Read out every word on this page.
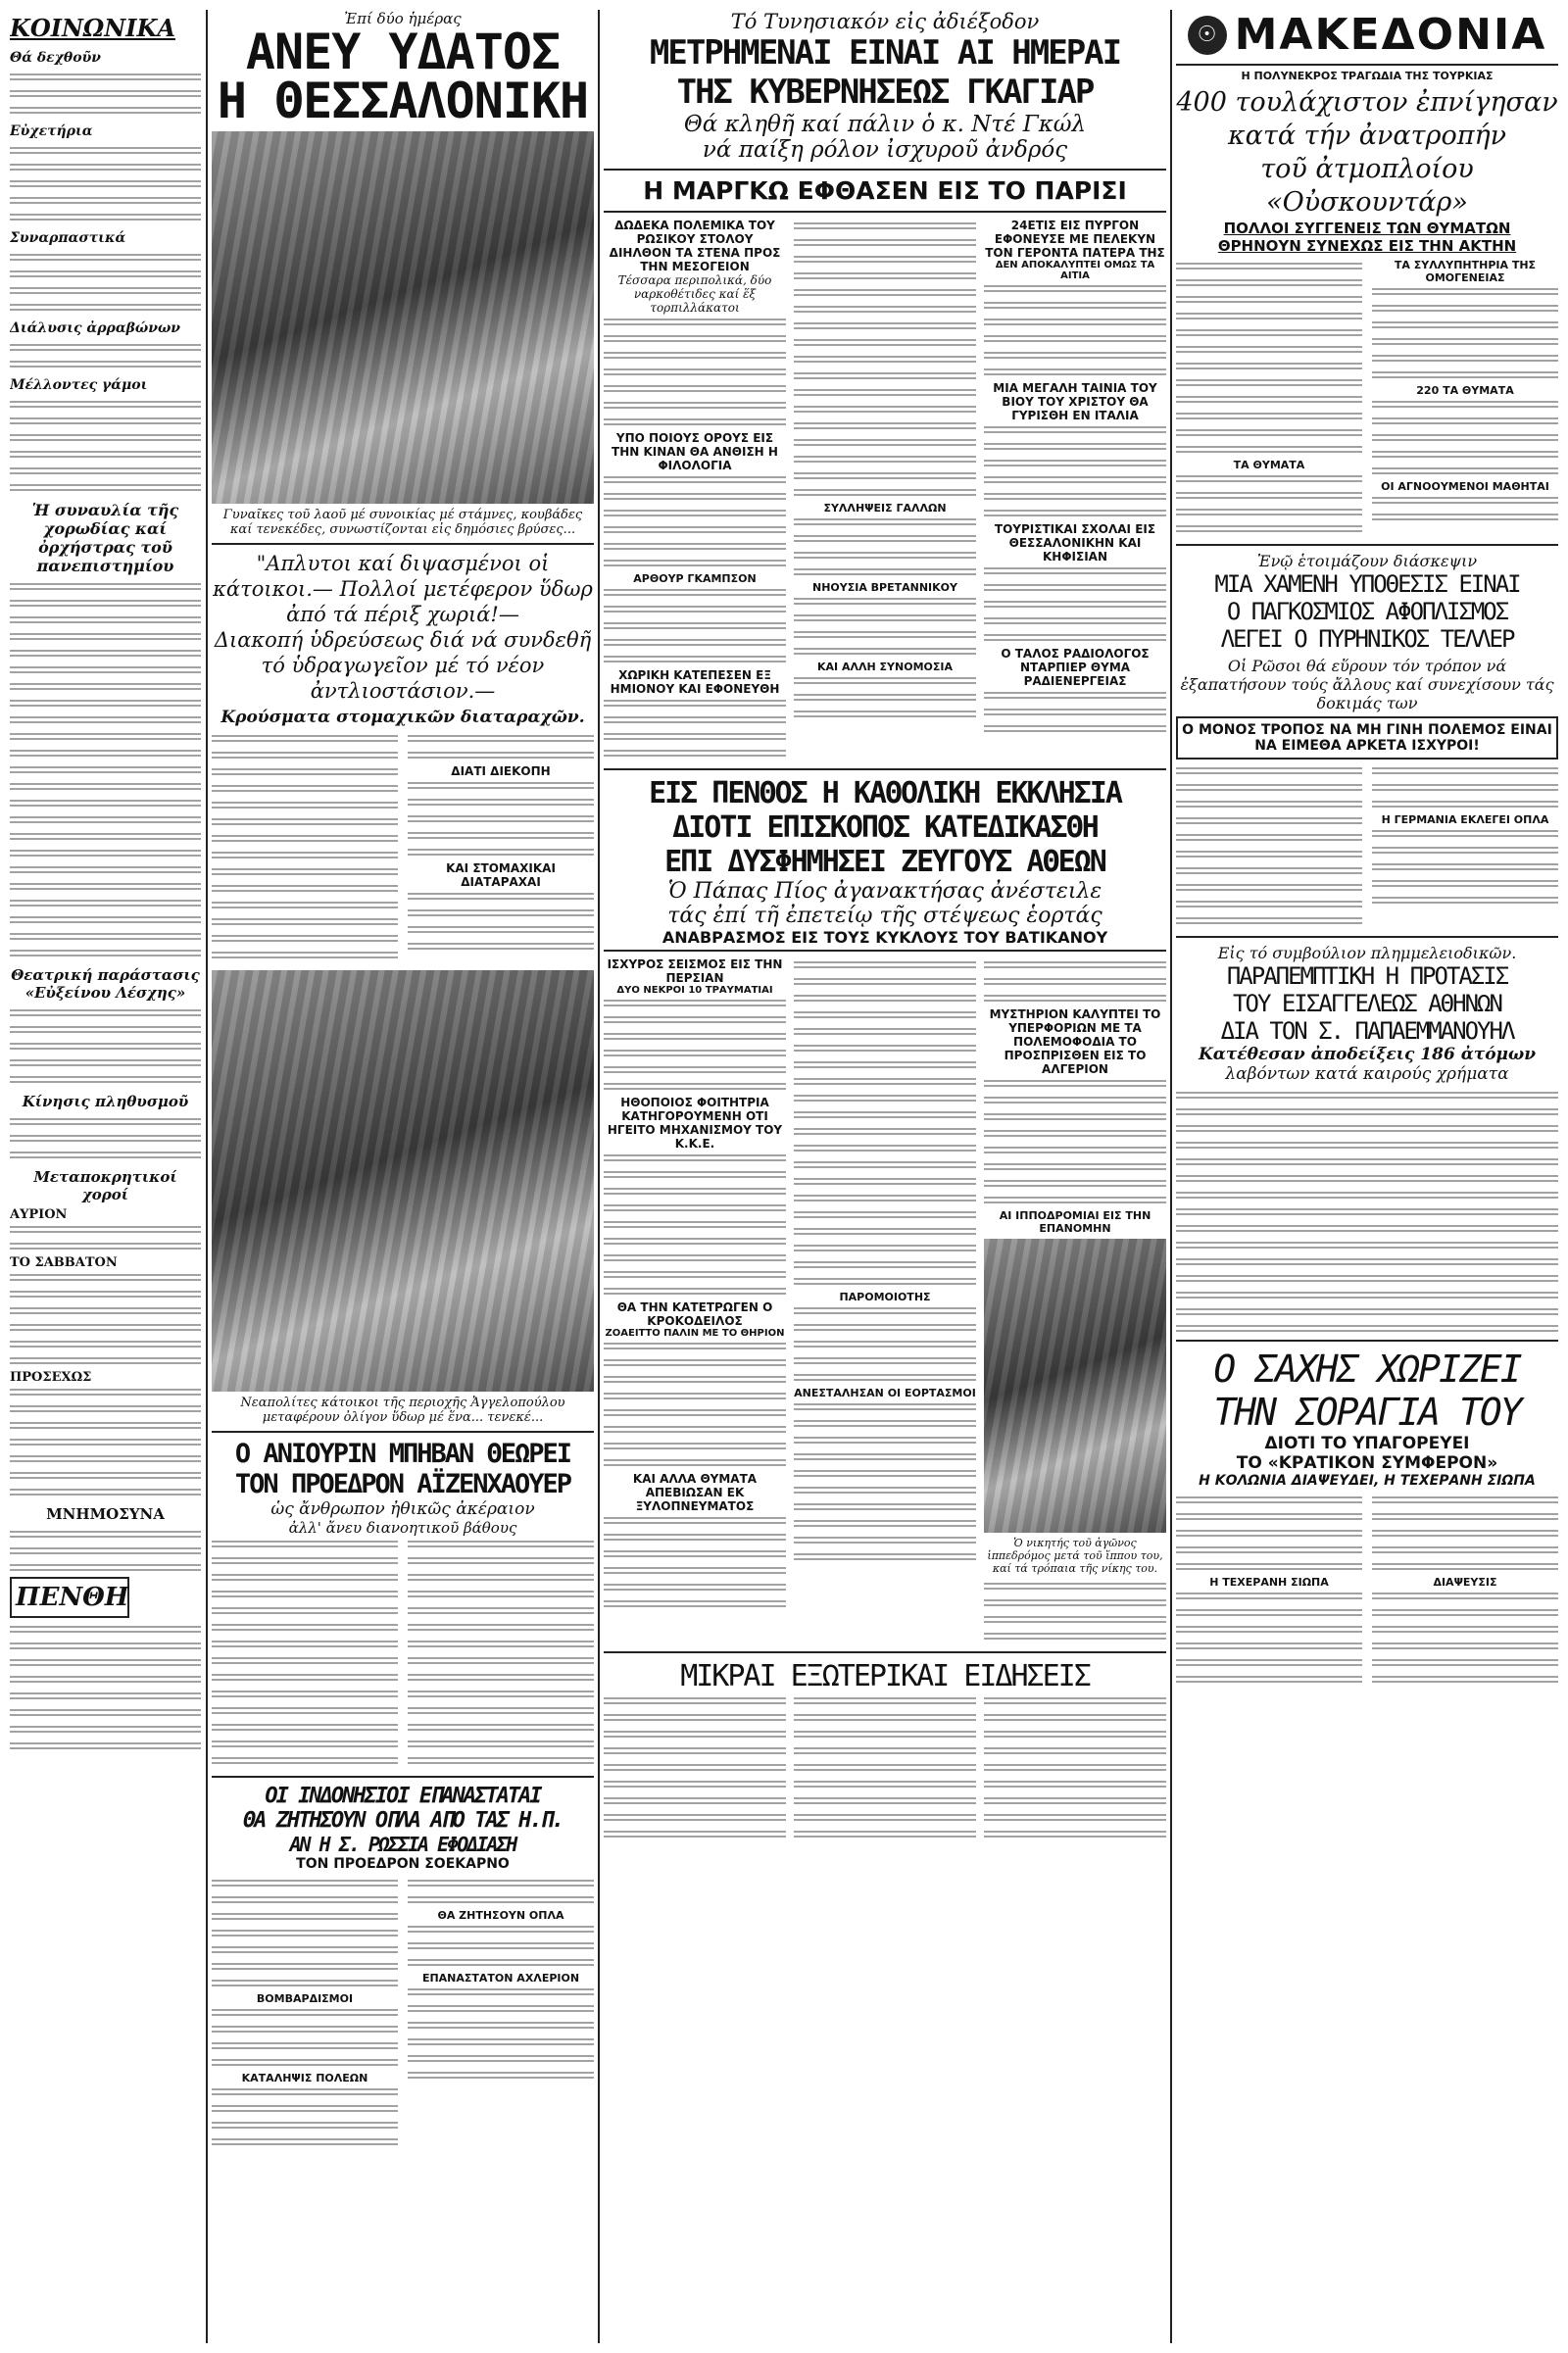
ΚΟΙΝΩΝΙΚΑ
Θά δεχθοῦν
Εὐχετήρια
Συναρπαστικά
Διάλυσις ἀρραβώνων
Μέλλοντες γάμοι
Ἡ συναυλία τῆς χορωδίας καί ὀρχήστρας τοῦ πανεπιστημίου
Θεατρική παράστασις «Εὐξείνου Λέσχης»
Κίνησις πληθυσμοῦ
Μεταποκρητικοί χοροί
ΑΥΡΙΟΝ
ΤΟ ΣΑΒΒΑΤΟΝ
ΠΡΟΣΕΧΩΣ
ΜΝΗΜΟΣΥΝΑ
ΠΕΝΘΗ
Ἐπί δύο ἡμέρας
ΑΝΕΥ ΥΔΑΤΟΣ
Η ΘΕΣΣΑΛΟΝΙΚΗ
Γυναῖκες τοῦ λαοῦ μέ συνοικίας μέ στάμνες, κουβάδες καί τενεκέδες, συνωστίζονται εἰς δημόσιες βρύσες...
"Απλυτοι καί διψασμένοι οἱ κάτοικοι.— Πολλοί μετέφερον ὕδωρ ἀπό τά πέριξ χωριά!—
Διακοπή ὑδρεύσεως διά νά συνδεθῆ τό ὑδραγωγεῖον μέ τό νέον ἀντλιοστάσιον.—
Κρούσματα στομαχικῶν διαταραχῶν.
ΔΙΑΤΙ ΔΙΕΚΟΠΗ
ΚΑΙ ΣΤΟΜΑΧΙΚΑΙ ΔΙΑΤΑΡΑΧΑΙ
Νεαπολίτες κάτοικοι τῆς περιοχῆς Ἀγγελοπούλου μεταφέρουν ὀλίγον ὕδωρ μέ ἕνα... τενεκέ...
Ο ΑΝΙΟΥΡΙΝ ΜΠΗΒΑΝ ΘΕΩΡΕΙ
ΤΟΝ ΠΡΟΕΔΡΟΝ ΑΪΖΕΝΧΑΟΥΕΡ
ὡς ἄνθρωπον ἠθικῶς ἀκέραιον
ἀλλ' ἄνευ διανοητικοῦ βάθους
ΟΙ ΙΝΔΟΝΗΣΙΟΙ ΕΠΑΝΑΣΤΑΤΑΙ
ΘΑ ΖΗΤΗΣΟΥΝ ΟΠΛΑ ΑΠΟ ΤΑΣ Η.Π.
ΑΝ Η Σ. ΡΩΣΣΙΑ ΕΦΟΔΙΑΣΗ
ΤΟΝ ΠΡΟΕΔΡΟΝ ΣΟΕΚΑΡΝΟ
ΒΟΜΒΑΡΔΙΣΜΟΙ
ΚΑΤΑΛΗΨΙΣ ΠΟΛΕΩΝ
ΘΑ ΖΗΤΗΣΟΥΝ ΟΠΛΑ
ΕΠΑΝΑΣΤΑΤΟΝ ΑΧΛΕΡΙΟΝ
Τό Τυνησιακόν εἰς ἀδιέξοδον
ΜΕΤΡΗΜΕΝΑΙ ΕΙΝΑΙ ΑΙ ΗΜΕΡΑΙ
ΤΗΣ ΚΥΒΕΡΝΗΣΕΩΣ ΓΚΑΓΙΑΡ
Θά κληθῆ καί πάλιν ὁ κ. Ντέ Γκώλ
νά παίξη ρόλον ἰσχυροῦ ἀνδρός
Η ΜΑΡΓΚΩ ΕΦΘΑΣΕΝ ΕΙΣ ΤΟ ΠΑΡΙΣΙ
ΔΩΔΕΚΑ ΠΟΛΕΜΙΚΑ ΤΟΥ ΡΩΣΙΚΟΥ ΣΤΟΛΟΥ ΔΙΗΛΘΟΝ ΤΑ ΣΤΕΝΑ ΠΡΟΣ ΤΗΝ ΜΕΣΟΓΕΙΟΝ
Τέσσαρα περιπολικά, δύο ναρκοθέτιδες καί ἕξ τορπιλλάκατοι
ΥΠΟ ΠΟΙΟΥΣ ΟΡΟΥΣ ΕΙΣ ΤΗΝ ΚΙΝΑΝ ΘΑ ΑΝΘΙΣΗ Η ΦΙΛΟΛΟΓΙΑ
ΑΡΘΟΥΡ ΓΚΑΜΠΣΟΝ
ΧΩΡΙΚΗ ΚΑΤΕΠΕΣΕΝ ΕΞ ΗΜΙΟΝΟΥ ΚΑΙ ΕΦΟΝΕΥΘΗ
ΣΥΛΛΗΨΕΙΣ ΓΑΛΛΩΝ
ΝΗΟΥΣΙΑ ΒΡΕΤΑΝΝΙΚΟΥ
ΚΑΙ ΑΛΛΗ ΣΥΝΟΜΟΣΙΑ
24ΕΤΙΣ ΕΙΣ ΠΥΡΓΟΝ ΕΦΟΝΕΥΣΕ ΜΕ ΠΕΛΕΚΥΝ ΤΟΝ ΓΕΡΟΝΤΑ ΠΑΤΕΡΑ ΤΗΣ
ΔΕΝ ΑΠΟΚΑΛΥΠΤΕΙ ΟΜΩΣ ΤΑ ΑΙΤΙΑ
ΜΙΑ ΜΕΓΑΛΗ ΤΑΙΝΙΑ ΤΟΥ ΒΙΟΥ ΤΟΥ ΧΡΙΣΤΟΥ ΘΑ ΓΥΡΙΣΘΗ ΕΝ ΙΤΑΛΙΑ
ΤΟΥΡΙΣΤΙΚΑΙ ΣΧΟΛΑΙ ΕΙΣ ΘΕΣΣΑΛΟΝΙΚΗΝ ΚΑΙ ΚΗΦΙΣΙΑΝ
Ο ΤΑΛΟΣ ΡΑΔΙΟΛΟΓΟΣ ΝΤΑΡΠΙΕΡ ΘΥΜΑ ΡΑΔΙΕΝΕΡΓΕΙΑΣ
ΕΙΣ ΠΕΝΘΟΣ Η ΚΑΘΟΛΙΚΗ ΕΚΚΛΗΣΙΑ
ΔΙΟΤΙ ΕΠΙΣΚΟΠΟΣ ΚΑΤΕΔΙΚΑΣΘΗ
ΕΠΙ ΔΥΣΦΗΜΗΣΕΙ ΖΕΥΓΟΥΣ ΑΘΕΩΝ
Ὁ Πάπας Πίος ἀγανακτήσας ἀνέστειλε
τάς ἐπί τῆ ἐπετείῳ τῆς στέψεως ἑορτάς
ΑΝΑΒΡΑΣΜΟΣ ΕΙΣ ΤΟΥΣ ΚΥΚΛΟΥΣ ΤΟΥ ΒΑΤΙΚΑΝΟΥ
ΙΣΧΥΡΟΣ ΣΕΙΣΜΟΣ ΕΙΣ ΤΗΝ ΠΕΡΣΙΑΝ
ΔΥΟ ΝΕΚΡΟΙ 10 ΤΡΑΥΜΑΤΙΑΙ
ΗΘΟΠΟΙΟΣ ΦΟΙΤΗΤΡΙΑ ΚΑΤΗΓΟΡΟΥΜΕΝΗ ΟΤΙ ΗΓΕΙΤΟ ΜΗΧΑΝΙΣΜΟΥ ΤΟΥ Κ.Κ.Ε.
ΘΑ ΤΗΝ ΚΑΤΕΤΡΩΓΕΝ Ο ΚΡΟΚΟΔΕΙΛΟΣ
ΖΟΑΕΙΤΤΟ ΠΑΛΙΝ ΜΕ ΤΟ ΘΗΡΙΟΝ
ΚΑΙ ΑΛΛΑ ΘΥΜΑΤΑ ΑΠΕΒΙΩΣΑΝ ΕΚ ΞΥΛΟΠΝΕΥΜΑΤΟΣ
ΠΑΡΟΜΟΙΟΤΗΣ
ΑΝΕΣΤΑΛΗΣΑΝ ΟΙ ΕΟΡΤΑΣΜΟΙ
ΜΥΣΤΗΡΙΟΝ ΚΑΛΥΠΤΕΙ ΤΟ ΥΠΕΡΦΟΡΙΩΝ ΜΕ ΤΑ ΠΟΛΕΜΟΦΟΔΙΑ ΤΟ ΠΡΟΣΠΡΙΣΘΕΝ ΕΙΣ ΤΟ ΑΛΓΕΡΙΟΝ
ΑΙ ΙΠΠΟΔΡΟΜΙΑΙ ΕΙΣ ΤΗΝ ΕΠΑΝΟΜΗΝ
Ὁ νικητής τοῦ ἀγῶνος ἱππεδρόμος μετά τοῦ ἵππου του, καί τά τρόπαια τῆς νίκης του.
ΜΙΚΡΑΙ ΕΞΩΤΕΡΙΚΑΙ ΕΙΔΗΣΕΙΣ
☉ ΜΑΚΕΔΟΝΙΑ
Η ΠΟΛΥΝΕΚΡΟΣ ΤΡΑΓΩΔΙΑ ΤΗΣ ΤΟΥΡΚΙΑΣ
400 τουλάχιστον ἐπνίγησαν
κατά τήν ἀνατροπήν
τοῦ ἀτμοπλοίου «Οὐσκουντάρ»
ΠΟΛΛΟΙ ΣΥΓΓΕΝΕΙΣ ΤΩΝ ΘΥΜΑΤΩΝ
ΘΡΗΝΟΥΝ ΣΥΝΕΧΩΣ ΕΙΣ ΤΗΝ ΑΚΤΗΝ
ΤΑ ΘΥΜΑΤΑ
ΤΑ ΣΥΛΛΥΠΗΤΗΡΙΑ ΤΗΣ ΟΜΟΓΕΝΕΙΑΣ
220 ΤΑ ΘΥΜΑΤΑ
ΟΙ ΑΓΝΟΟΥΜΕΝΟΙ ΜΑΘΗΤΑΙ
Ἐνῷ ἑτοιμάζουν διάσκεψιν
ΜΙΑ ΧΑΜΕΝΗ ΥΠΟΘΕΣΙΣ ΕΙΝΑΙ
Ο ΠΑΓΚΟΣΜΙΟΣ ΑΦΟΠΛΙΣΜΟΣ
ΛΕΓΕΙ Ο ΠΥΡΗΝΙΚΟΣ ΤΕΛΛΕΡ
Οἱ Ρῶσοι θά εὕρουν τόν τρόπον νά ἐξαπατήσουν τούς ἄλλους καί συνεχίσουν τάς δοκιμάς των
Ο ΜΟΝΟΣ ΤΡΟΠΟΣ ΝΑ ΜΗ ΓΙΝΗ ΠΟΛΕΜΟΣ ΕΙΝΑΙ ΝΑ ΕΙΜΕΘΑ ΑΡΚΕΤΑ ΙΣΧΥΡΟΙ!
Η ΓΕΡΜΑΝΙΑ ΕΚΛΕΓΕΙ ΟΠΛΑ
Εἰς τό συμβούλιον πλημμελειοδικῶν.
ΠΑΡΑΠΕΜΠΤΙΚΗ Η ΠΡΟΤΑΣΙΣ
ΤΟΥ ΕΙΣΑΓΓΕΛΕΩΣ ΑΘΗΝΩΝ
ΔΙΑ ΤΟΝ Σ. ΠΑΠΑΕΜΜΑΝΟΥΗΛ
Κατέθεσαν ἀποδείξεις 186 ἀτόμων
λαβόντων κατά καιρούς χρήματα
Ο ΣΑΧΗΣ ΧΩΡΙΖΕΙ
ΤΗΝ ΣΟΡΑΓΙΑ ΤΟΥ
ΔΙΟΤΙ ΤΟ ΥΠΑΓΟΡΕΥΕΙ
ΤΟ «ΚΡΑΤΙΚΟΝ ΣΥΜΦΕΡΟΝ»
Η ΚΟΛΩΝΙΑ ΔΙΑΨΕΥΔΕΙ, Η ΤΕΧΕΡΑΝΗ ΣΙΩΠΑ
Η ΤΕΧΕΡΑΝΗ ΣΙΩΠΑ	ΔΙΑΨΕΥΣΙΣ
